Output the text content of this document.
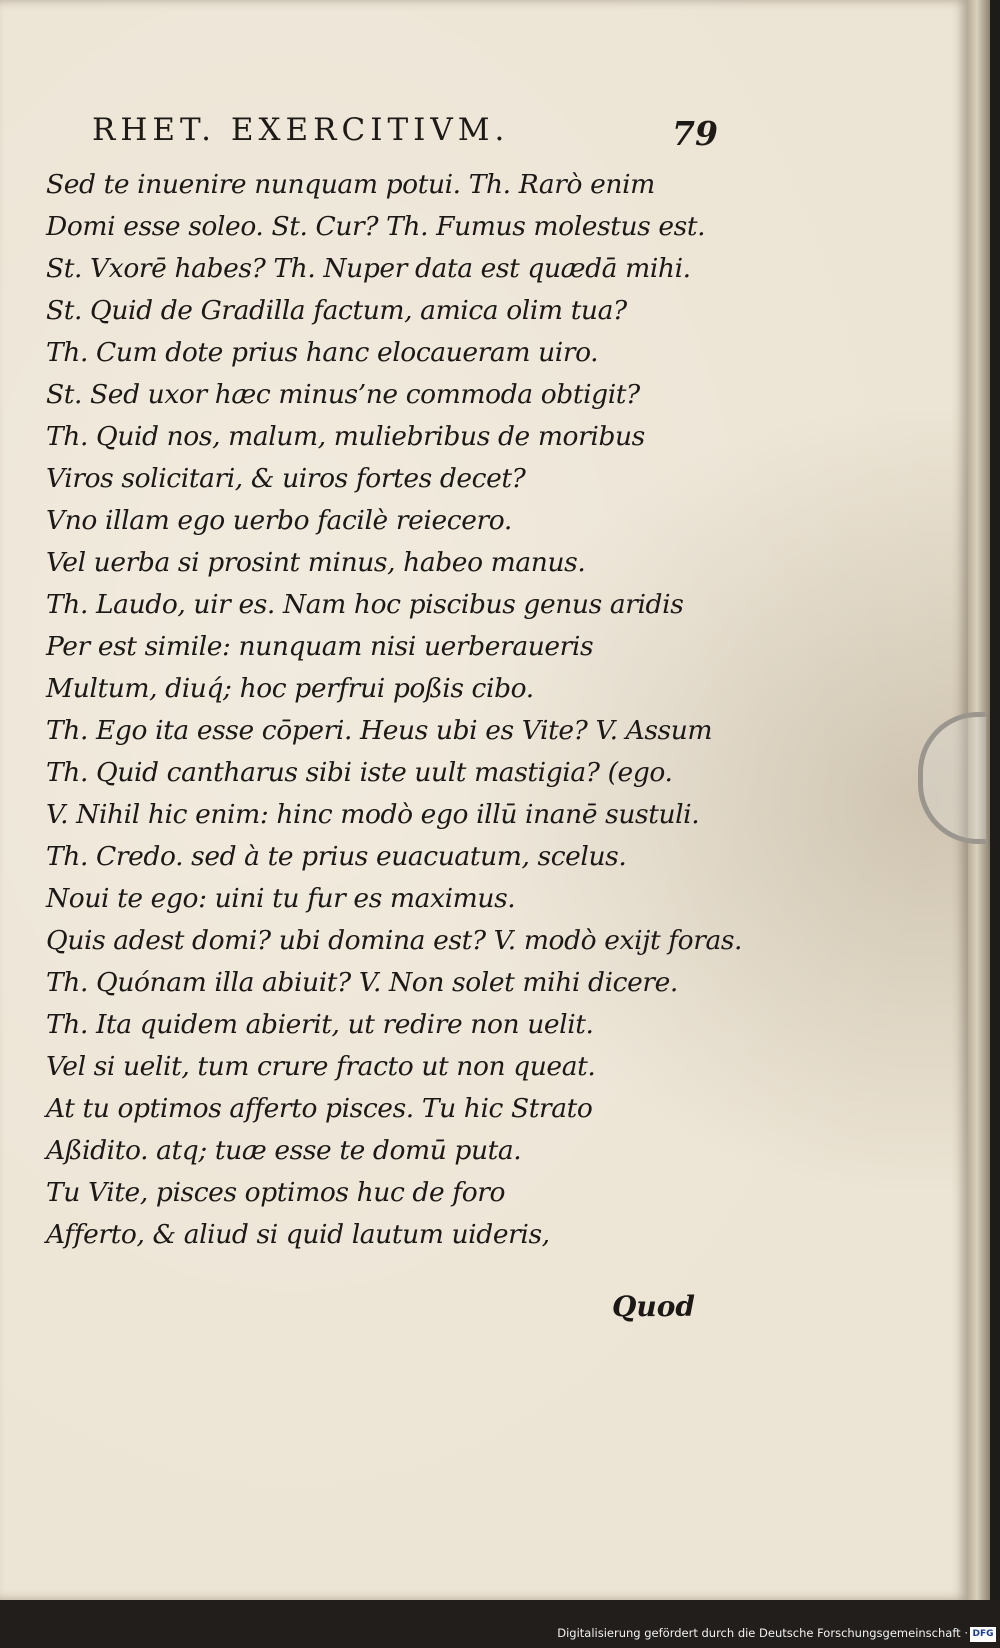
RHET. EXERCITIVM.	79
Sed te inuenire nunquam potui. Th. Rarò enim
Domi esse soleo. St. Cur? Th. Fumus molestus est.
St. Vxorē habes? Th. Nuper data est quædā mihi.
St. Quid de Gradilla factum, amica olim tua?
Th. Cum dote prius hanc elocaueram uiro.
St. Sed uxor hæc minus’ne commoda obtigit?
Th. Quid nos, malum, muliebribus de moribus
Viros solicitari, & uiros fortes decet?
Vno illam ego uerbo facilè reiecero.
Vel uerba si prosint minus, habeo manus.
Th. Laudo, uir es. Nam hoc piscibus genus aridis
Per est simile: nunquam nisi uerberaueris
Multum, diuq́; hoc perfrui poßis cibo.
Th. Ego ita esse cōperi. Heus ubi es Vite? V. Assum
Th. Quid cantharus sibi iste uult mastigia? (ego.
V. Nihil hic enim: hinc modò ego illū inanē sustuli.
Th. Credo. sed à te prius euacuatum, scelus.
Noui te ego: uini tu fur es maximus.
Quis adest domi? ubi domina est? V. modò exijt foras.
Th. Quónam illa abiuit? V. Non solet mihi dicere.
Th. Ita quidem abierit, ut redire non uelit.
Vel si uelit, tum crure fracto ut non queat.
At tu optimos afferto pisces. Tu hic Strato
Aßidito. atq; tuæ esse te domū puta.
Tu Vite, pisces optimos huc de foro
Afferto, & aliud si quid lautum uideris,
Quod
Digitalisierung gefördert durch die Deutsche Forschungsgemeinschaft · DFG
